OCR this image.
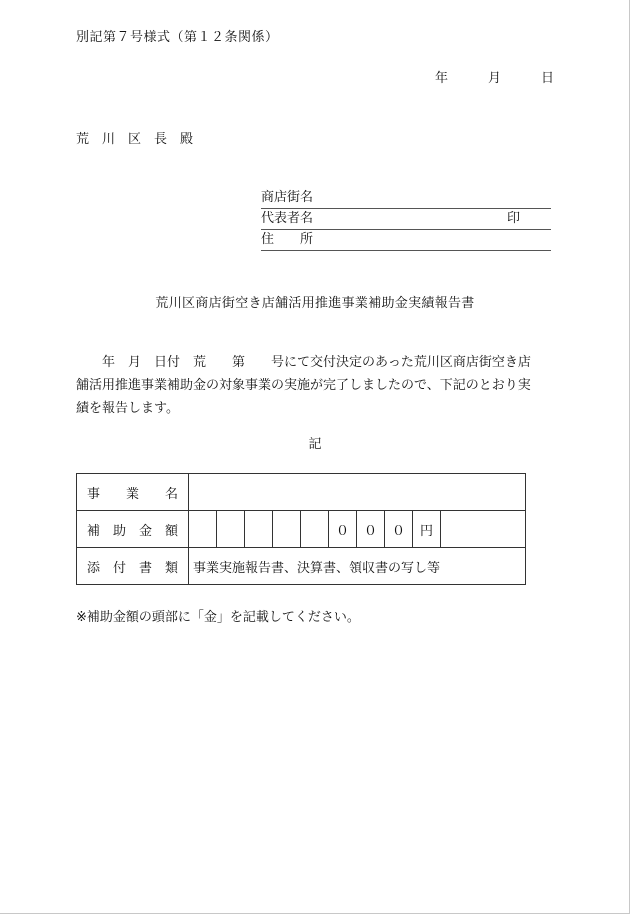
別記第７号様式（第１２条関係）
年	月	日
荒川区長殿
商店街名
代表者名	印
住　　所
荒川区商店街空き店舗活用推進事業補助金実績報告書
　　年　月　日付　荒　　第　　号にて交付決定のあった荒川区商店街空き店
舗活用推進事業補助金の対象事業の実施が完了しましたので、下記のとおり実
績を報告します。
記
事 業 名										

補 助 金 額						０	０	０	円	

添 付 書 類	事業実施報告書、決算書、領収書の写し等									
※補助金額の頭部に「金」を記載してください。
